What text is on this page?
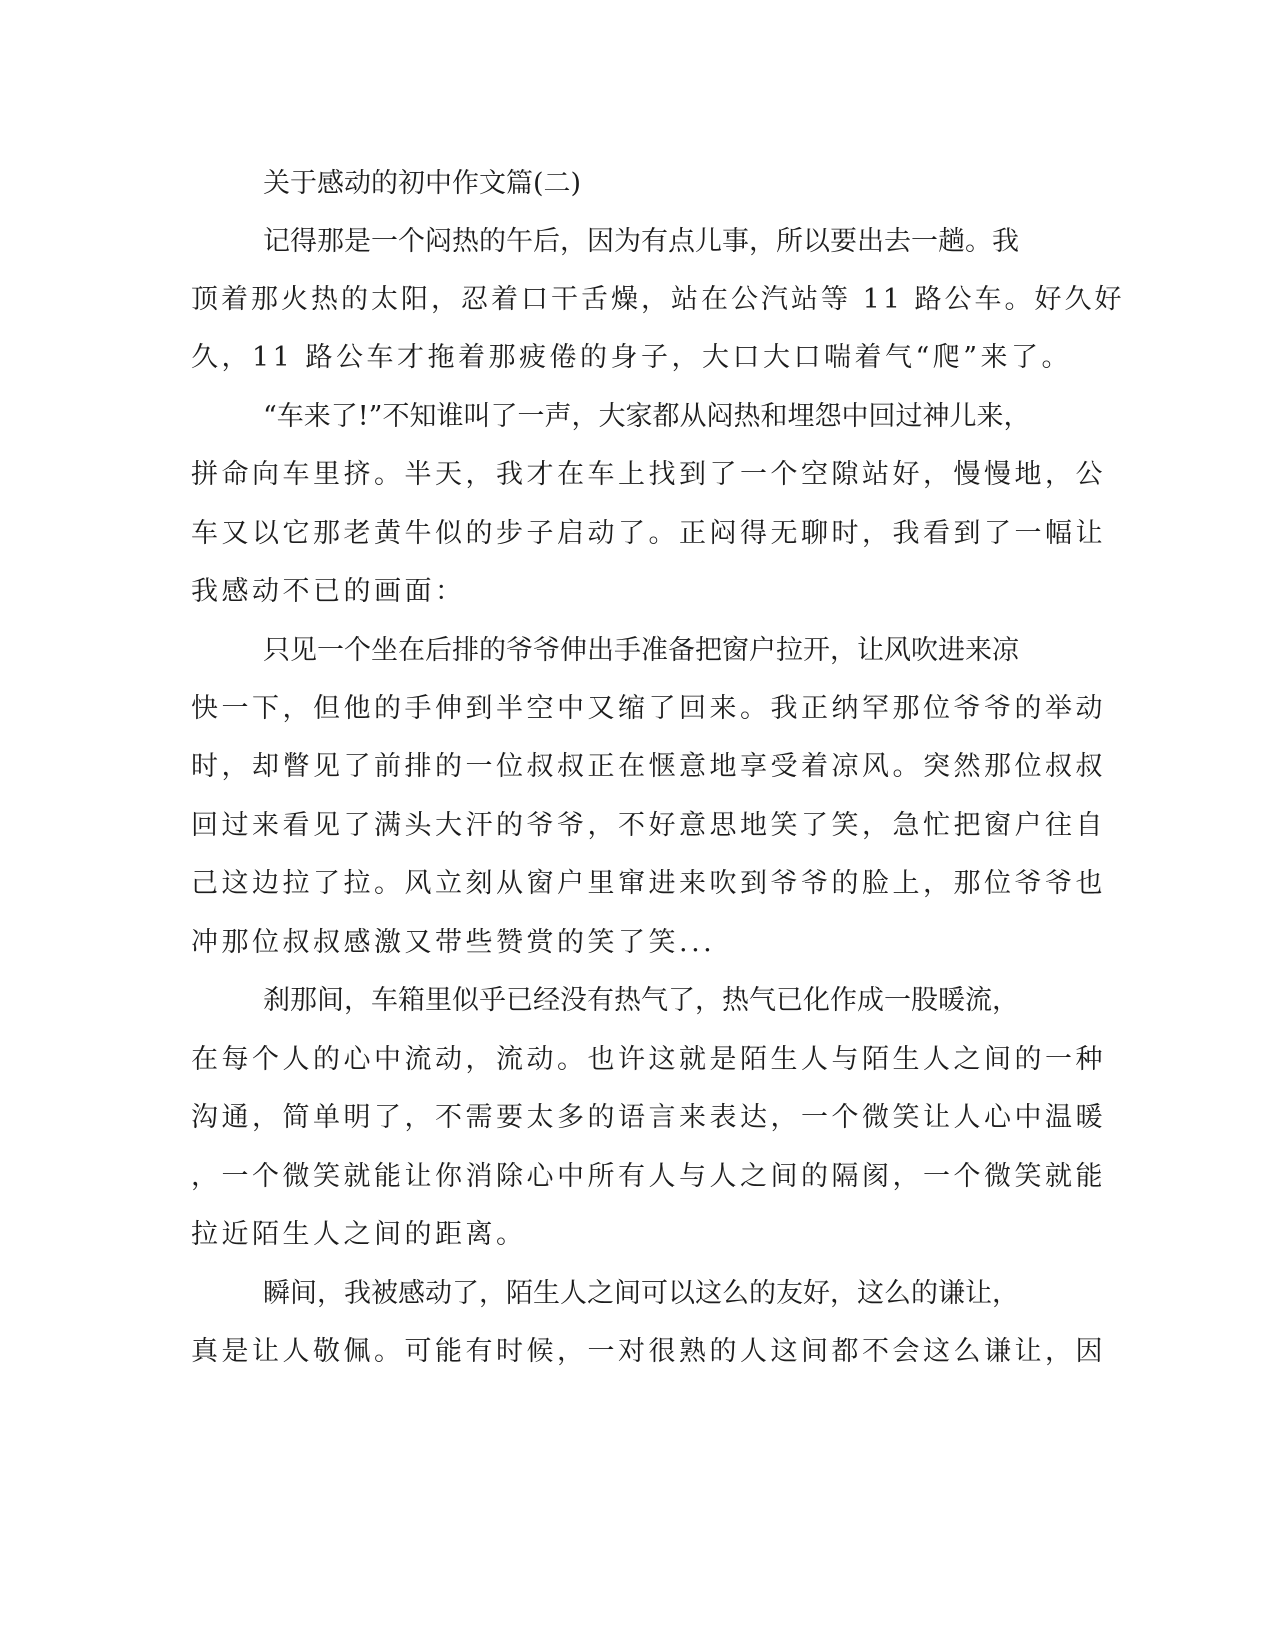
关于感动的初中作文篇(二)

记得那是一个闷热的午后，因为有点儿事，所以要出去一趟。我

顶着那火热的太阳，忍着口干舌燥，站在公汽站等 11 路公车。好久好

久，11 路公车才拖着那疲倦的身子，大口大口喘着气“爬”来了。

“车来了!”不知谁叫了一声，大家都从闷热和埋怨中回过神儿来，

拼命向车里挤。半天，我才在车上找到了一个空隙站好，慢慢地，公

车又以它那老黄牛似的步子启动了。正闷得无聊时，我看到了一幅让

我感动不已的画面：

只见一个坐在后排的爷爷伸出手准备把窗户拉开，让风吹进来凉

快一下，但他的手伸到半空中又缩了回来。我正纳罕那位爷爷的举动

时，却瞥见了前排的一位叔叔正在惬意地享受着凉风。突然那位叔叔

回过来看见了满头大汗的爷爷，不好意思地笑了笑，急忙把窗户往自

己这边拉了拉。风立刻从窗户里窜进来吹到爷爷的脸上，那位爷爷也

冲那位叔叔感激又带些赞赏的笑了笑...

刹那间，车箱里似乎已经没有热气了，热气已化作成一股暖流，

在每个人的心中流动，流动。也许这就是陌生人与陌生人之间的一种

沟通，简单明了，不需要太多的语言来表达，一个微笑让人心中温暖

，一个微笑就能让你消除心中所有人与人之间的隔阂，一个微笑就能

拉近陌生人之间的距离。

瞬间，我被感动了，陌生人之间可以这么的友好，这么的谦让，

真是让人敬佩。可能有时候，一对很熟的人这间都不会这么谦让，因
